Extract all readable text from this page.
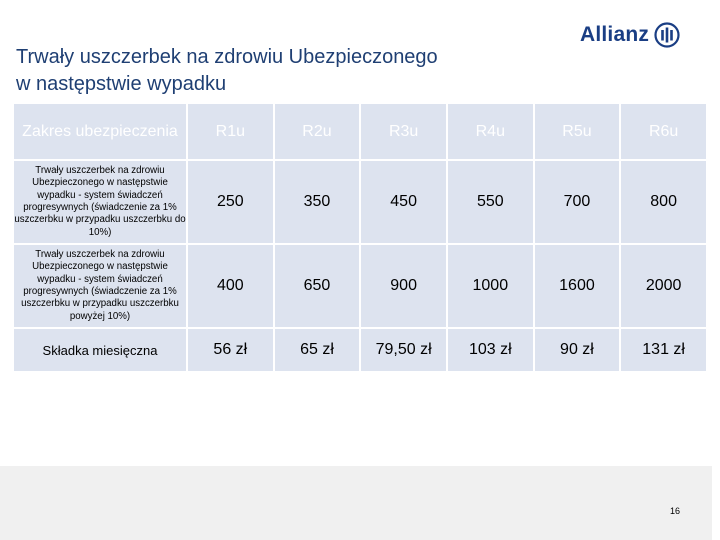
Trwały uszczerbek na zdrowiu Ubezpieczonego
w następstwie wypadku
Allianz
Zakres ubezpieczenia	R1u	R2u	R3u	R4u	R5u	R6u
Trwały uszczerbek na zdrowiu Ubezpieczonego w następstwie wypadku - system świadczeń progresywnych (świadczenie za 1% uszczerbku w przypadku uszczerbku do 10%)	250	350	450	550	700	800
Trwały uszczerbek na zdrowiu Ubezpieczonego w następstwie wypadku - system świadczeń progresywnych (świadczenie za 1% uszczerbku w przypadku uszczerbku powyżej 10%)	400	650	900	1000	1600	2000
Składka miesięczna	56 zł	65 zł	79,50 zł	103 zł	90 zł	131 zł
16
